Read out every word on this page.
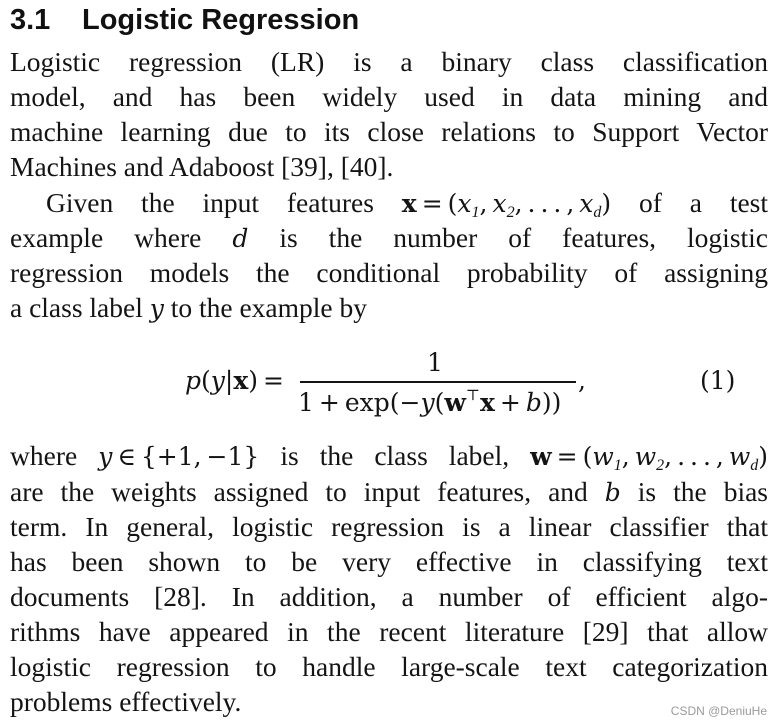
3.1 Logistic Regression
Logistic regression (LR) is a binary class classification
model, and has been widely used in data mining and
machine learning due to its close relations to Support Vector
Machines and Adaboost [39], [40].
Given the input features $x = (x_1$, $x_2$, . . . , $x_d$) of a test
example where d is the number of features, logistic
regression models the conditional probability of assigning
a class label y to the example by
p(y|x) =
1
1 + exp(−y(w⊤x + b))
,	(1)
where y ∈ {+1, −1} is the class label, $w = (w_1$, $w_2$, . . . , $w_d$)
are the weights assigned to input features, and b is the bias
term. In general, logistic regression is a linear classifier that
has been shown to be very effective in classifying text
documents [28]. In addition, a number of efficient algo-
rithms have appeared in the recent literature [29] that allow
logistic regression to handle large-scale text categorization
problems effectively.	CSDN @DeniuHe
